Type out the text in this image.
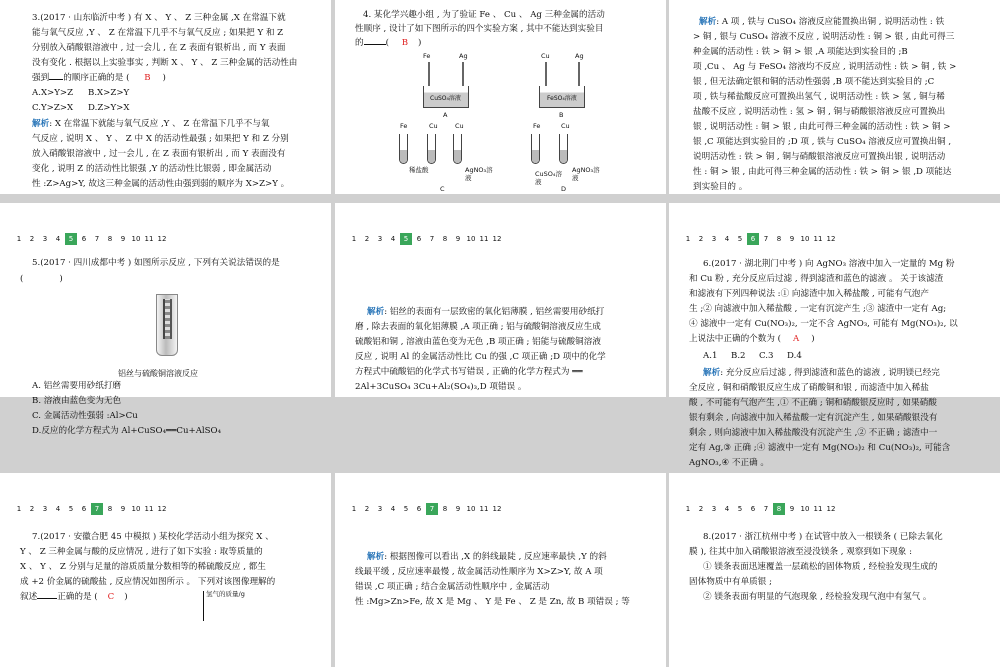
3.(2017 · 山东临沂中考 ) 有 X 、 Y 、 Z 三种金属 ,X 在常温下就
能与氧气反应 ,Y 、 Z 在常温下几乎不与氧气反应 ; 如果把 Y 和 Z
分别放入硝酸银溶液中 , 过一会儿 , 在 Z 表面有银析出 , 而 Y 表面
没有变化 . 根据以上实验事实 , 判断 X 、 Y 、 Z 三种金属的活动性由
强到 的顺序正确的是 ( B )
A.X>Y>Z B.X>Z>Y
C.Y>Z>X D.Z>Y>X
解析: X 在常温下就能与氧气反应 ,Y 、 Z 在常温下几乎不与氧
气反应 , 说明 X 、 Y 、 Z 中 X 的活动性最强 ; 如果把 Y 和 Z 分别
放入硝酸银溶液中 , 过一会儿 , 在 Z 表面有银析出 , 而 Y 表面没有
变化 , 说明 Z 的活动性比银强 ,Y 的活动性比银弱 , 即金属活动
性 :Z>Ag>Y, 故这三种金属的活动性由强到弱的顺序为 X>Z>Y 。
4. 某化学兴趣小组 , 为了验证 Fe 、 Cu 、 Ag 三种金属的活动
性顺序 , 设计了如下图所示的四个实验方案 , 其中不能达到实验目
的	( B )
Fe	Ag
CuSO₄溶液
A
Cu	Ag
FeSO₄溶液
B
Fe	Cu	Cu
稀盐酸	AgNO₃溶液
C
Fe	Cu
CuSO₄溶液
AgNO₃溶液
D
解析: A 项 , 铁与 CuSO₄ 溶液反应能置换出铜 , 说明活动性 : 铁
> 铜 , 银与 CuSO₄ 溶液不反应 , 说明活动性 : 铜 > 银 , 由此可得三
种金属的活动性 : 铁 > 铜 > 银 ,A 项能达到实验目的 ;B
项 ,Cu 、 Ag 与 FeSO₄ 溶液均不反应 , 说明活动性 : 铁 > 铜 , 铁 >
银 , 但无法确定银和铜的活动性强弱 ,B 项不能达到实验目的 ;C
项 , 铁与稀盐酸反应可置换出氢气 , 说明活动性 : 铁 > 氢 , 铜与稀
盐酸不反应 , 说明活动性 : 氢 > 铜 , 铜与硝酸银溶液反应可置换出
银 , 说明活动性 : 铜 > 银 , 由此可得三种金属的活动性 : 铁 > 铜 >
银 ,C 项能达到实验目的 ;D 项 , 铁与 CuSO₄ 溶液反应可置换出铜 ,
说明活动性 : 铁 > 铜 , 铜与硝酸银溶液反应可置换出银 , 说明活动
性 : 铜 > 银 , 由此可得三种金属的活动性 : 铁 > 铜 > 银 ,D 项能达
到实验目的 。
1 2 3 4 5 6 7 8 9 10 11 12
5.(2017 · 四川成都中考 ) 如图所示反应 , 下列有关说法错误的是
(	)
铝丝与硫酸铜溶液反应
A. 铝丝需要用砂纸打磨
B. 溶液由蓝色变为无色
C. 金属活动性强弱 :Al>Cu
D.反应的化学方程式为 Al+CuSO₄══Cu+AlSO₄
1 2 3 4 5 6 7 8 9 10 11 12
解析: 铝丝的表面有一层致密的氧化铝薄膜 , 铝丝需要用砂纸打
磨 , 除去表面的氧化铝薄膜 ,A 项正确 ; 铝与硫酸铜溶液反应生成
硫酸铝和铜 , 溶液由蓝色变为无色 ,B 项正确 ; 铝能与硫酸铜溶液
反应 , 说明 Al 的金属活动性比 Cu 的强 ,C 项正确 ;D 项中的化学
方程式中硫酸铝的化学式书写错误 , 正确的化学方程式为 ══
2Al+3CuSO₄ 3Cu+Al₂(SO₄)₃,D 项错误 。
1 2 3 4 5 6 7 8 9 10 11 12
6.(2017 · 湖北荆门中考 ) 向 AgNO₃ 溶液中加入一定量的 Mg 粉
和 Cu 粉 , 充分反应后过滤 , 得到滤渣和蓝色的滤液 。 关于该滤渣
和滤液有下列四种说法 :① 向滤渣中加入稀盐酸 , 可能有气泡产
生 ;② 向滤液中加入稀盐酸 , 一定有沉淀产生 ;③ 滤渣中一定有 Ag;
④ 滤液中一定有 Cu(NO₃)₂, 一定不含 AgNO₃, 可能有 Mg(NO₃)₂, 以
上说法中正确的个数为 ( A )
A.1 B.2 C.3 D.4
解析: 充分反应后过滤 , 得到滤渣和蓝色的滤液 , 说明镁已经完
全反应 , 铜和硝酸银反应生成了硝酸铜和银 , 而滤渣中加入稀盐
酸 , 不可能有气泡产生 ,① 不正确 ; 铜和硝酸银反应时 , 如果硝酸
银有剩余 , 向滤液中加入稀盐酸一定有沉淀产生 , 如果硝酸银没有
剩余 , 则向滤液中加入稀盐酸没有沉淀产生 ,② 不正确 ; 滤渣中一
定有 Ag,③ 正确 ;④ 滤液中一定有 Mg(NO₃)₂ 和 Cu(NO₃)₂, 可能含
AgNO₃,④ 不正确 。
1 2 3 4 5 6 7 8 9 10 11 12
7.(2017 · 安徽合肥 45 中模拟 ) 某校化学活动小组为探究 X 、
Y 、 Z 三种金属与酸的反应情况 , 进行了如下实验 : 取等质量的
X 、 Y 、 Z 分别与足量的溶质质量分数相等的稀硫酸反应 , 都生
成 +2 价金属的硫酸盐 , 反应情况如图所示 。 下列对该图像理解的
叙述 正确的是 ( C )	氢气的质量/g
1 2 3 4 5 6 7 8 9 10 11 12
解析: 根据图像可以看出 ,X 的斜线最陡 , 反应速率最快 ,Y 的斜
线最平缓 , 反应速率最慢 , 故金属活动性顺序为 X>Z>Y, 故 A 项
错误 ,C 项正确 ; 结合金属活动性顺序中 , 金属活动
性 :Mg>Zn>Fe, 故 X 是 Mg 、 Y 是 Fe 、 Z 是 Zn, 故 B 项错误 ; 等
1 2 3 4 5 6 7 8 9 10 11 12
8.(2017 · 浙江杭州中考 ) 在试管中放入一根镁条 ( 已除去氧化
膜 ), 往其中加入硝酸银溶液至浸没镁条 , 观察到如下现象 :
① 镁条表面迅速覆盖一层疏松的固体物质 , 经检验发现生成的
固体物质中有单质银 ;
② 镁条表面有明显的气泡现象 , 经检验发现气泡中有氢气 。
